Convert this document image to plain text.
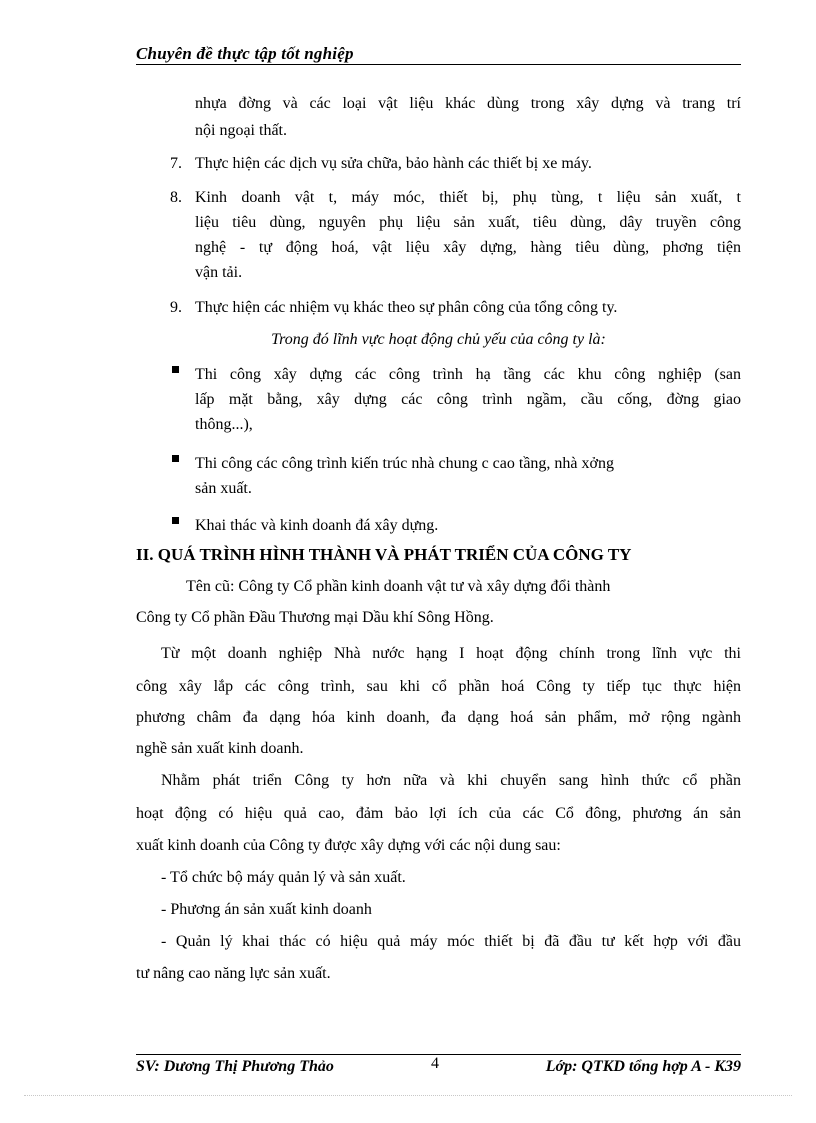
Chuyên đề thực tập tốt nghiệp
nhựa đờng và các loại vật liệu khác dùng trong xây dựng và trang trí
nội ngoại thất.
7. Thực hiện các dịch vụ sửa chữa, bảo hành các thiết bị xe máy.
8. Kinh doanh vật t, máy móc, thiết bị, phụ tùng, t liệu sản xuất, t
liệu tiêu dùng, nguyên phụ liệu sản xuất, tiêu dùng, dây truyền công
nghệ - tự động hoá, vật liệu xây dựng, hàng tiêu dùng, phơng tiện
vận tải.
9. Thực hiện các nhiệm vụ khác theo sự phân công của tổng công ty.
Trong đó lĩnh vực hoạt động chủ yếu của công ty là:
Thi công xây dựng các công trình hạ tầng các khu công nghiệp (san
lấp mặt bằng, xây dựng các công trình ngầm, cầu cống, đờng giao
thông...),
Thi công các công trình kiến trúc nhà chung c cao tầng, nhà xởng
sản xuất.
Khai thác và kinh doanh đá xây dựng.
II. QUÁ TRÌNH HÌNH THÀNH VÀ PHÁT TRIỂN CỦA CÔNG TY
Tên cũ: Công ty Cổ phần kinh doanh vật tư và xây dựng đổi thành
Công ty Cổ phần Đầu Thương mại Dầu khí Sông Hồng.
Từ một doanh nghiệp Nhà nước hạng I hoạt động chính trong lĩnh vực thi
công xây lắp các công trình, sau khi cổ phần hoá Công ty tiếp tục thực hiện
phương châm đa dạng hóa kinh doanh, đa dạng hoá sản phẩm, mở rộng ngành
nghề sản xuất kinh doanh.
Nhằm phát triển Công ty hơn nữa và khi chuyển sang hình thức cổ phần
hoạt động có hiệu quả cao, đảm bảo lợi ích của các Cổ đông, phương án sản
xuất kinh doanh của Công ty được xây dựng với các nội dung sau:
- Tổ chức bộ máy quản lý và sản xuất.
- Phương án sản xuất kinh doanh
- Quản lý khai thác có hiệu quả máy móc thiết bị đã đầu tư kết hợp với đầu
tư nâng cao năng lực sản xuất.
SV: Dương Thị Phương Thảo	4	Lớp: QTKD tổng hợp A - K39
